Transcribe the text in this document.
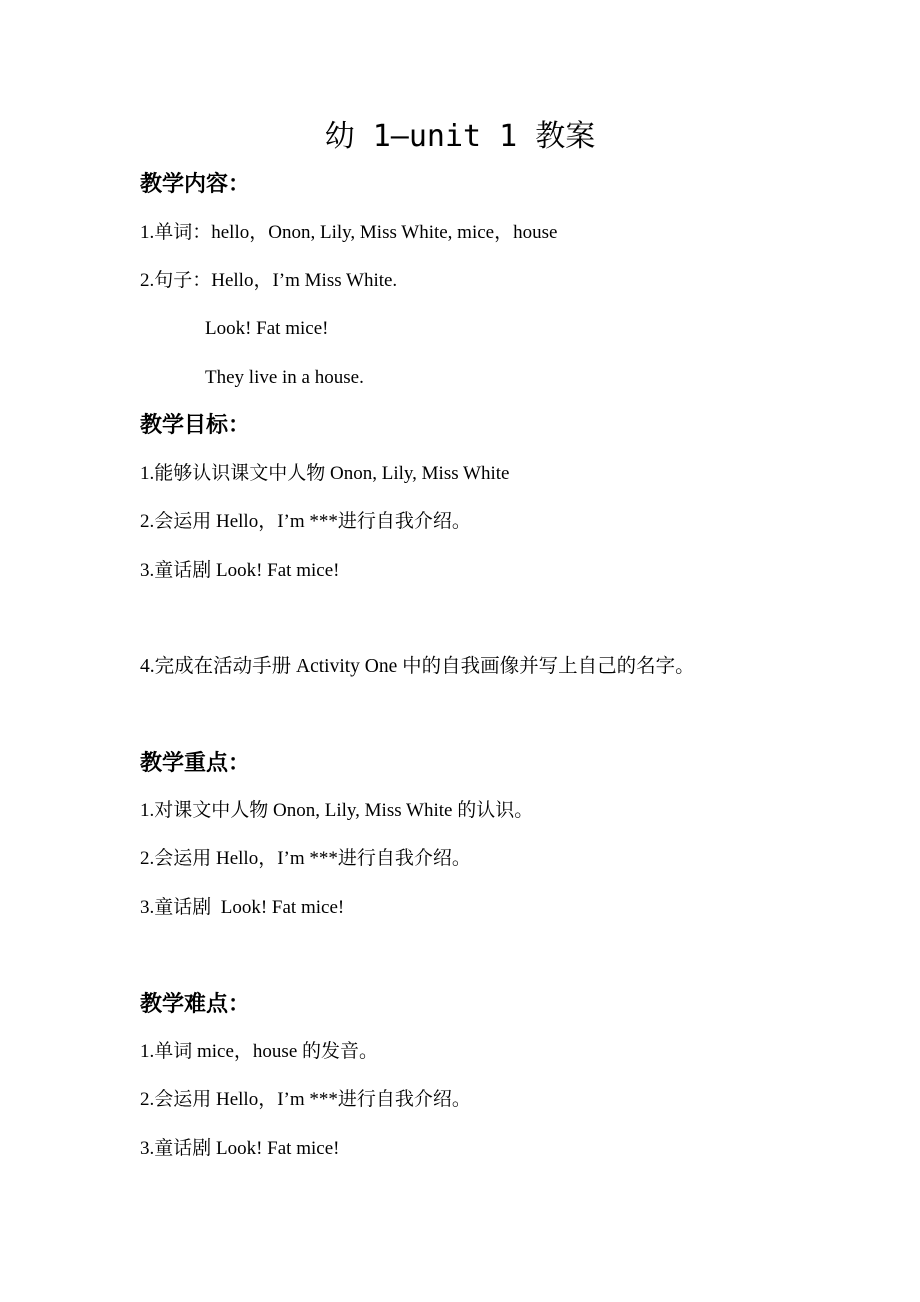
幼 1—unit 1 教案
教学内容：
1.单词：hello，Onon, Lily, Miss White, mice，house
2.句子：Hello，I’m Miss White.
Look! Fat mice!
They live in a house.
教学目标：
1.能够认识课文中人物 Onon, Lily, Miss White
2.会运用 Hello，I’m ***进行自我介绍。
3.童话剧 Look! Fat mice!
4.完成在活动手册 Activity One 中的自我画像并写上自己的名字。
教学重点：
1.对课文中人物 Onon, Lily, Miss White 的认识。
2.会运用 Hello，I’m ***进行自我介绍。
3.童话剧  Look! Fat mice!
教学难点：
1.单词 mice，house 的发音。
2.会运用 Hello，I’m ***进行自我介绍。
3.童话剧 Look! Fat mice!
